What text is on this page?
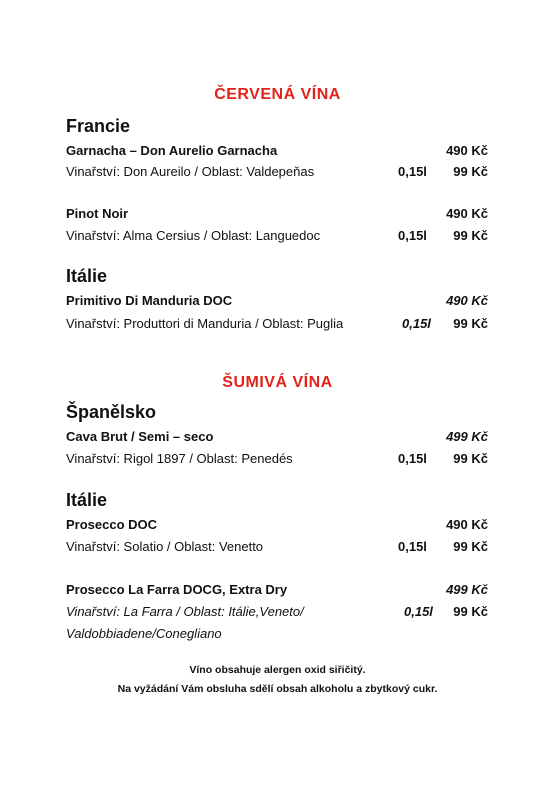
ČERVENÁ VÍNA
Francie
Garnacha – Don Aurelio Garnacha	490 Kč
Vinařství: Don Aureilo / Oblast: Valdepeňas	0,15l	99 Kč
Pinot Noir	490 Kč
Vinařství: Alma Cersius / Oblast: Languedoc	0,15l	99 Kč
Itálie
Primitivo Di Manduria DOC	490 Kč
Vinařství: Produttori di Manduria / Oblast: Puglia	0,15l	99 Kč
ŠUMIVÁ VÍNA
Španělsko
Cava Brut / Semi – seco	499 Kč
Vinařství: Rigol 1897 / Oblast: Penedés	0,15l	99 Kč
Itálie
Prosecco DOC	490 Kč
Vinařství: Solatio / Oblast: Venetto	0,15l	99 Kč
Prosecco La Farra DOCG, Extra Dry	499 Kč
Vinařství: La Farra / Oblast: Itálie,Veneto/	0,15l	99 Kč
Valdobbiadene/Conegliano
Víno obsahuje alergen oxid siřičitý.
Na vyžádání Vám obsluha sdělí obsah alkoholu a zbytkový cukr.
